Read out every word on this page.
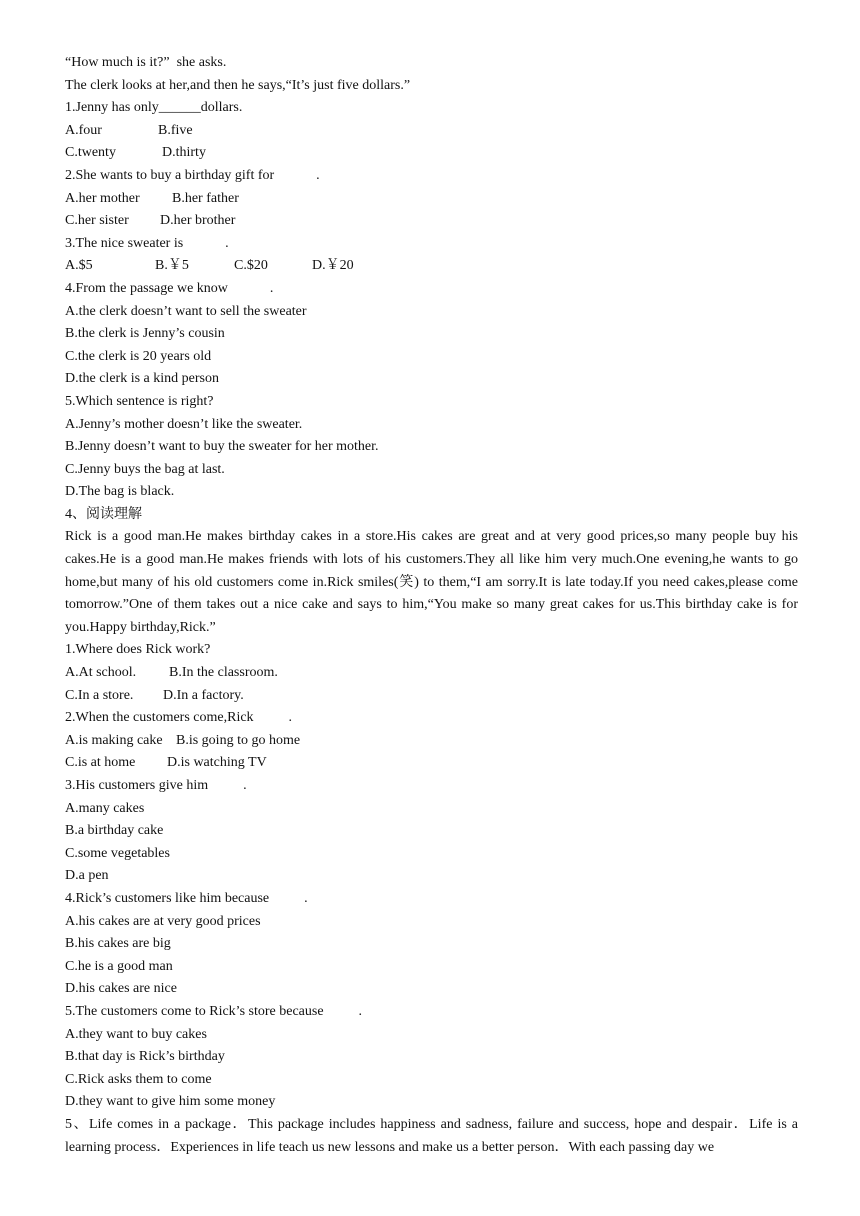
“How much is it?”  she asks.
The clerk looks at her,and then he says,“It’s just five dollars.”
1.Jenny has only______dollars.
A.four	B.five
C.twenty	D.thirty
2.She wants to buy a birthday gift for            .
A.her mother B.her father
C.her sister D.her brother
3.The nice sweater is            .
A.$5	B.￥5	C.$20	D.￥20
4.From the passage we know            .
A.the clerk doesn’t want to sell the sweater
B.the clerk is Jenny’s cousin
C.the clerk is 20 years old
D.the clerk is a kind person
5.Which sentence is right?
A.Jenny’s mother doesn’t like the sweater.
B.Jenny doesn’t want to buy the sweater for her mother.
C.Jenny buys the bag at last.
D.The bag is black.
4、阅读理解
Rick is a good man.He makes birthday cakes in a store.His cakes are great and at very good prices,so many people buy his cakes.He is a good man.He makes friends with lots of his customers.They all like him very much.One evening,he wants to go home,but many of his old customers come in.Rick smiles(笑) to them,“I am sorry.It is late today.If you need cakes,please come tomorrow.”One of them takes out a nice cake and says to him,“You make so many great cakes for us.This birthday cake is for you.Happy birthday,Rick.”
1.Where does Rick work?
A.At school. B.In the classroom.
C.In a store. D.In a factory.
2.When the customers come,Rick          .
A.is making cake B.is going to go home
C.is at home D.is watching TV
3.His customers give him          .
A.many cakes
B.a birthday cake
C.some vegetables
D.a pen
4.Rick’s customers like him because          .
A.his cakes are at very good prices
B.his cakes are big
C.he is a good man
D.his cakes are nice
5.The customers come to Rick’s store because          .
A.they want to buy cakes
B.that day is Rick’s birthday
C.Rick asks them to come
D.they want to give him some money
5、Life comes in a package．This package includes happiness and sadness, failure and success, hope and despair．Life is a learning process．Experiences in life teach us new lessons and make us a better person．With each passing day we
